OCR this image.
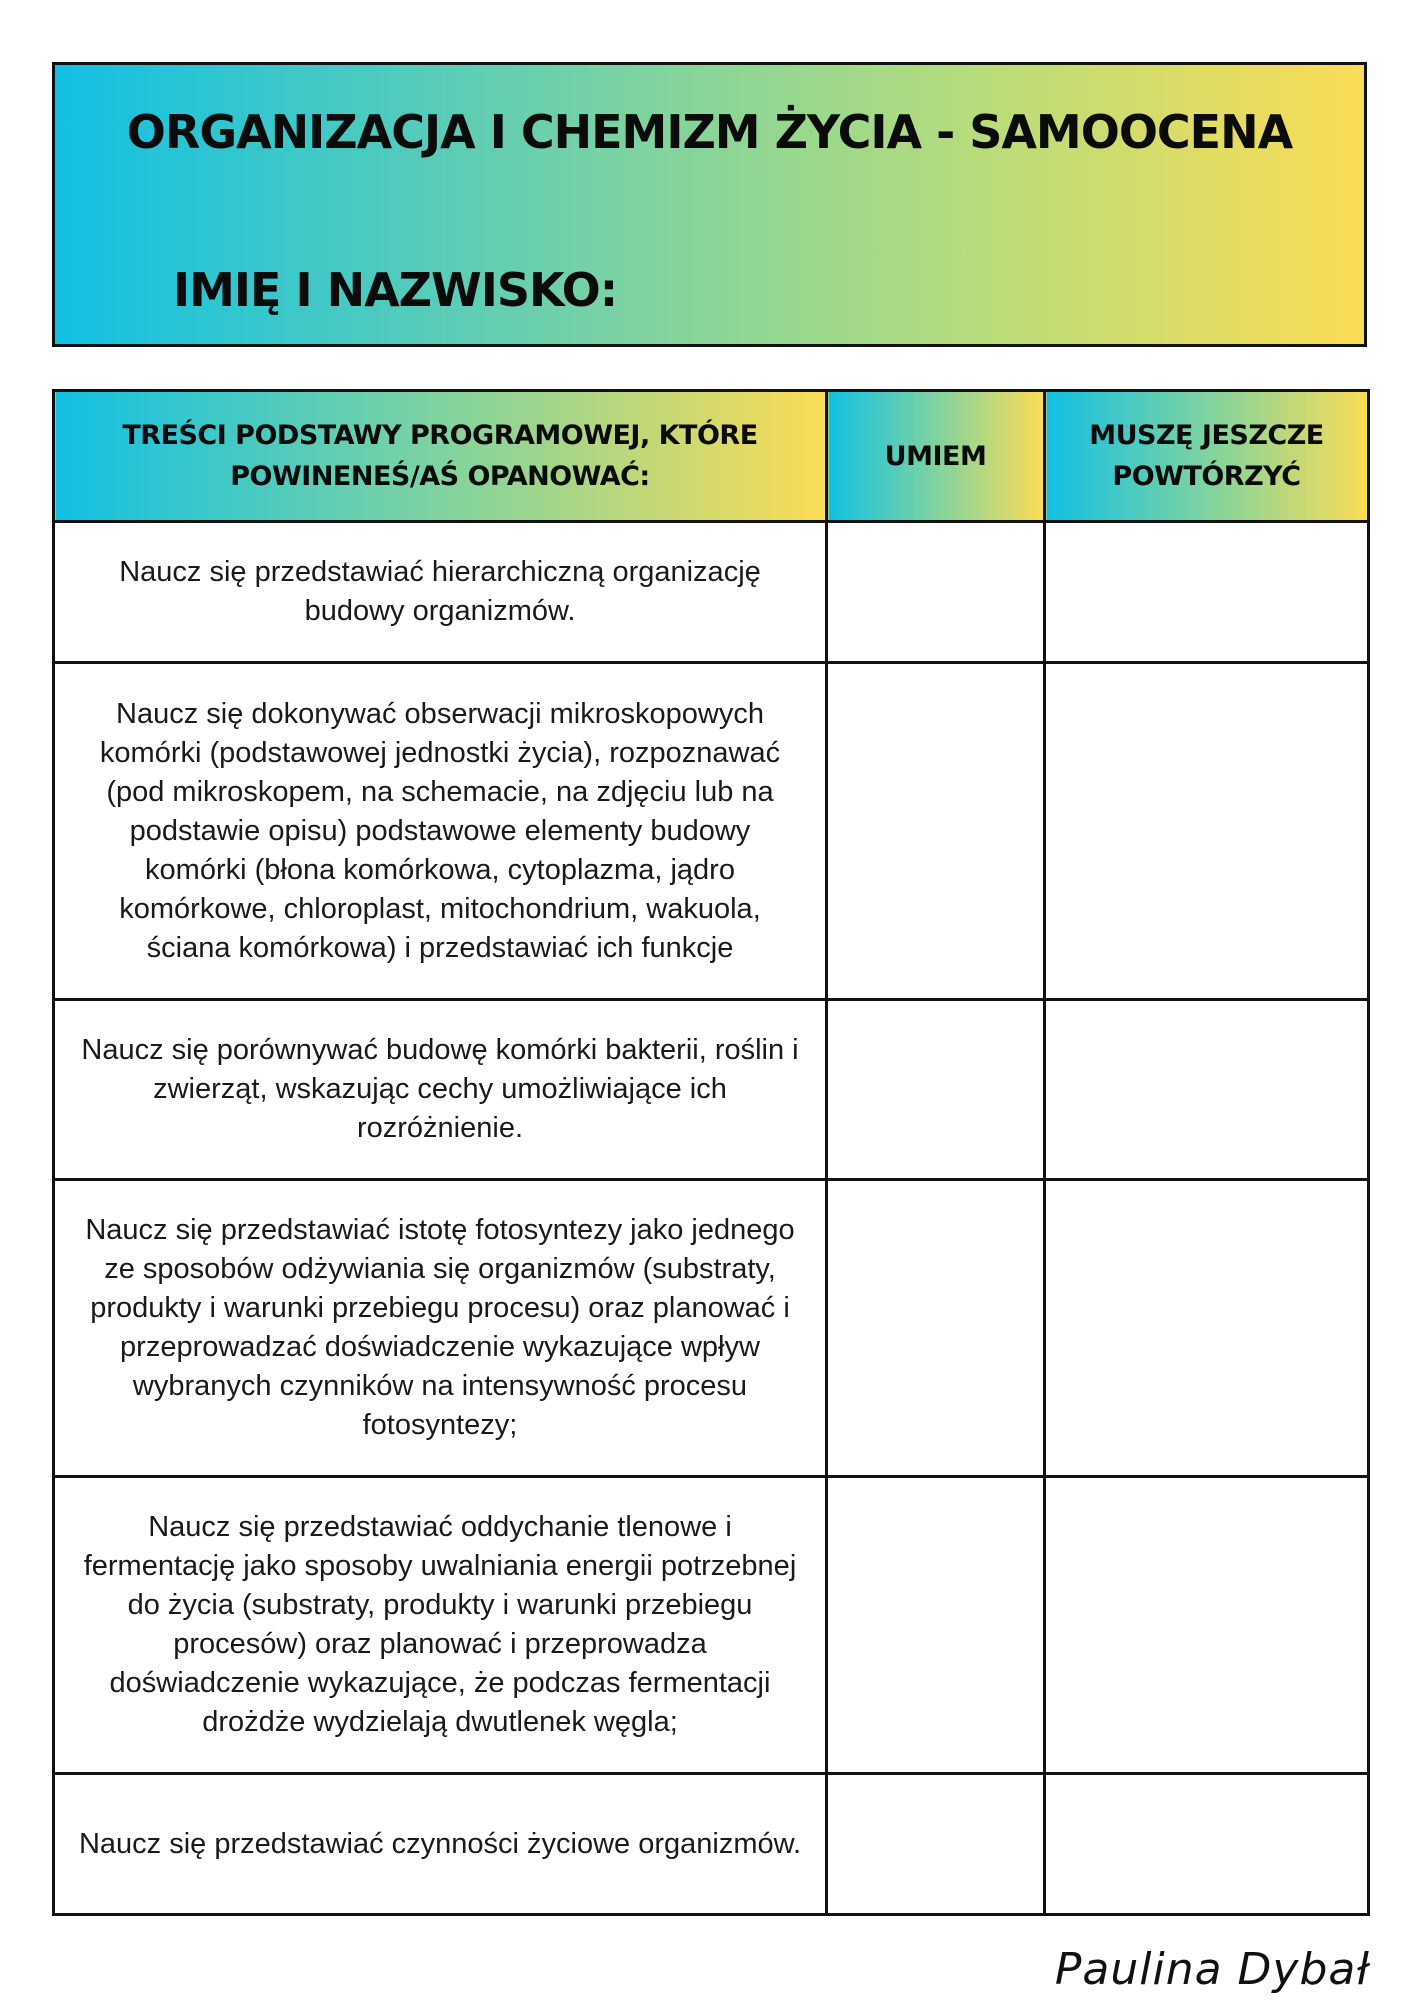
ORGANIZACJA I CHEMIZM ŻYCIA - SAMOOCENA
IMIĘ I NAZWISKO:
TREŚCI PODSTAWY PROGRAMOWEJ, KTÓRE POWINENEŚ/AŚ OPANOWAĆ:	UMIEM	MUSZĘ JESZCZE POWTÓRZYĆ
Naucz się przedstawiać hierarchiczną organizację budowy organizmów.		
Naucz się dokonywać obserwacji mikroskopowych komórki (podstawowej jednostki życia), rozpoznawać (pod mikroskopem, na schemacie, na zdjęciu lub na podstawie opisu) podstawowe elementy budowy komórki (błona komórkowa, cytoplazma, jądro komórkowe, chloroplast, mitochondrium, wakuola, ściana komórkowa) i przedstawiać ich funkcje		
Naucz się porównywać budowę komórki bakterii, roślin i zwierząt, wskazując cechy umożliwiające ich rozróżnienie.		
Naucz się przedstawiać istotę fotosyntezy jako jednego ze sposobów odżywiania się organizmów (substraty, produkty i warunki przebiegu procesu) oraz planować i przeprowadzać doświadczenie wykazujące wpływ wybranych czynników na intensywność procesu fotosyntezy;		
Naucz się przedstawiać oddychanie tlenowe i fermentację jako sposoby uwalniania energii potrzebnej do życia (substraty, produkty i warunki przebiegu procesów) oraz planować i przeprowadza doświadczenie wykazujące, że podczas fermentacji drożdże wydzielają dwutlenek węgla;		
Naucz się przedstawiać czynności życiowe organizmów.		
Paulina Dybał
